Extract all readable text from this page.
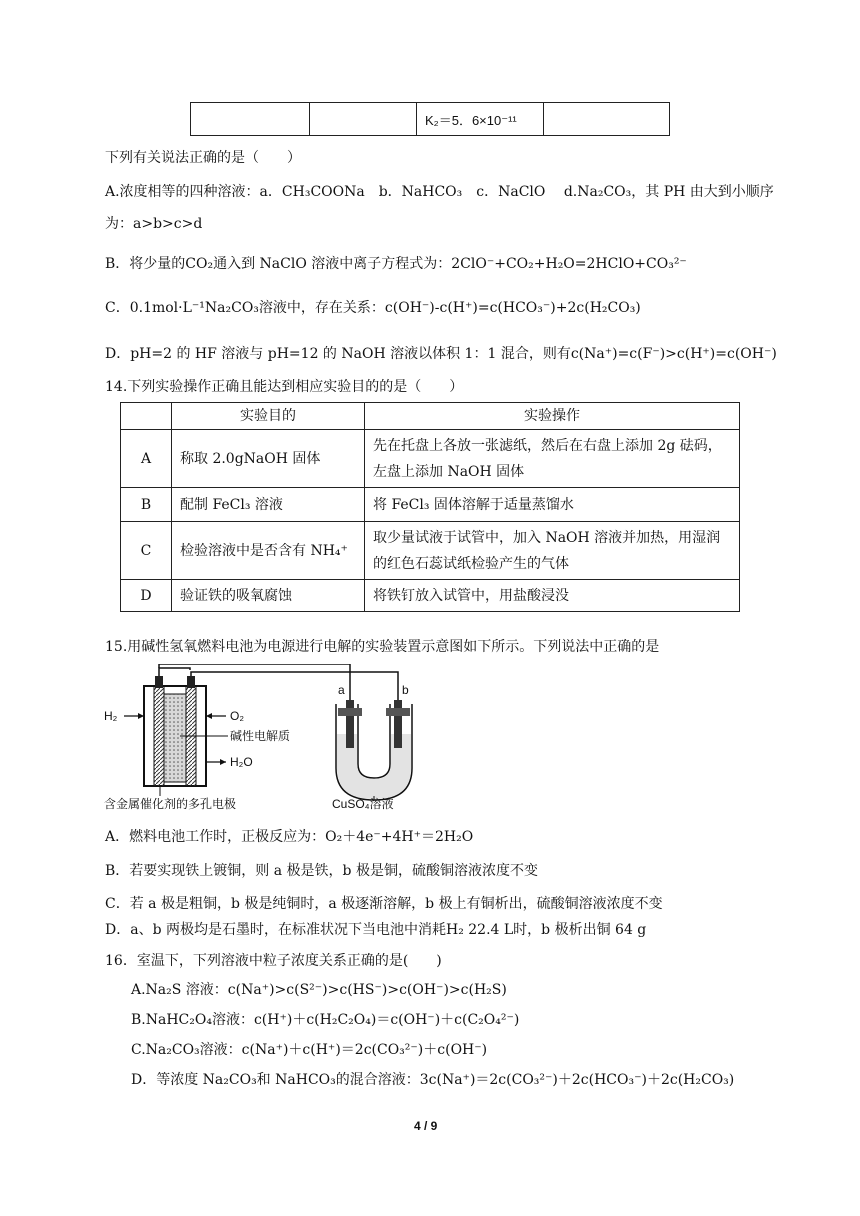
		K₂＝5．6×10⁻¹¹	
下列有关说法正确的是（　　）
A.浓度相等的四种溶液：a．CH₃COONa　b．NaHCO₃　c．NaClO　 d.Na₂CO₃，其 PH 由大到小顺序
为：a>b>c>d
B．将少量的CO₂通入到 NaClO 溶液中离子方程式为：2ClO⁻+CO₂+H₂O=2HClO+CO₃²⁻
C．0.1mol·L⁻¹Na₂CO₃溶液中，存在关系：c(OH⁻)-c(H⁺)=c(HCO₃⁻)+2c(H₂CO₃)
D．pH=2 的 HF 溶液与 pH=12 的 NaOH 溶液以体积 1：1 混合，则有c(Na⁺)=c(F⁻)>c(H⁺)=c(OH⁻)
14.下列实验操作正确且能达到相应实验目的的是（　　）
	实验目的	实验操作
A	称取 2.0gNaOH 固体	先在托盘上各放一张滤纸，然后在右盘上添加 2g 砝码，
左盘上添加 NaOH 固体

B	配制 FeCl₃ 溶液	将 FeCl₃ 固体溶解于适量蒸馏水

C	检验溶液中是否含有 NH₄⁺	取少量试液于试管中，加入 NaOH 溶液并加热，用湿润
的红色石蕊试纸检验产生的气体

D	验证铁的吸氧腐蚀	将铁钉放入试管中，用盐酸浸没
15.用碱性氢氧燃料电池为电源进行电解的实验装置示意图如下所示。下列说法中正确的是
H₂	O₂
碱性电解质
H₂O
含金属催化剂的多孔电极
a	b
CuSO₄溶液
A．燃料电池工作时，正极反应为：O₂＋4e⁻+4H⁺＝2H₂O
B．若要实现铁上镀铜，则 a 极是铁，b 极是铜，硫酸铜溶液浓度不变
C．若 a 极是粗铜，b 极是纯铜时，a 极逐渐溶解，b 极上有铜析出，硫酸铜溶液浓度不变
D．a、b 两极均是石墨时，在标准状况下当电池中消耗H₂ 22.4 L时，b 极析出铜 64 g
16．室温下，下列溶液中粒子浓度关系正确的是(　　)
A.Na₂S 溶液：c(Na⁺)>c(S²⁻)>c(HS⁻)>c(OH⁻)>c(H₂S)
B.NaHC₂O₄溶液：c(H⁺)＋c(H₂C₂O₄)＝c(OH⁻)＋c(C₂O₄²⁻)
C.Na₂CO₃溶液：c(Na⁺)＋c(H⁺)＝2c(CO₃²⁻)＋c(OH⁻)
D．等浓度 Na₂CO₃和 NaHCO₃的混合溶液：3c(Na⁺)＝2c(CO₃²⁻)＋2c(HCO₃⁻)＋2c(H₂CO₃)
4 / 9
